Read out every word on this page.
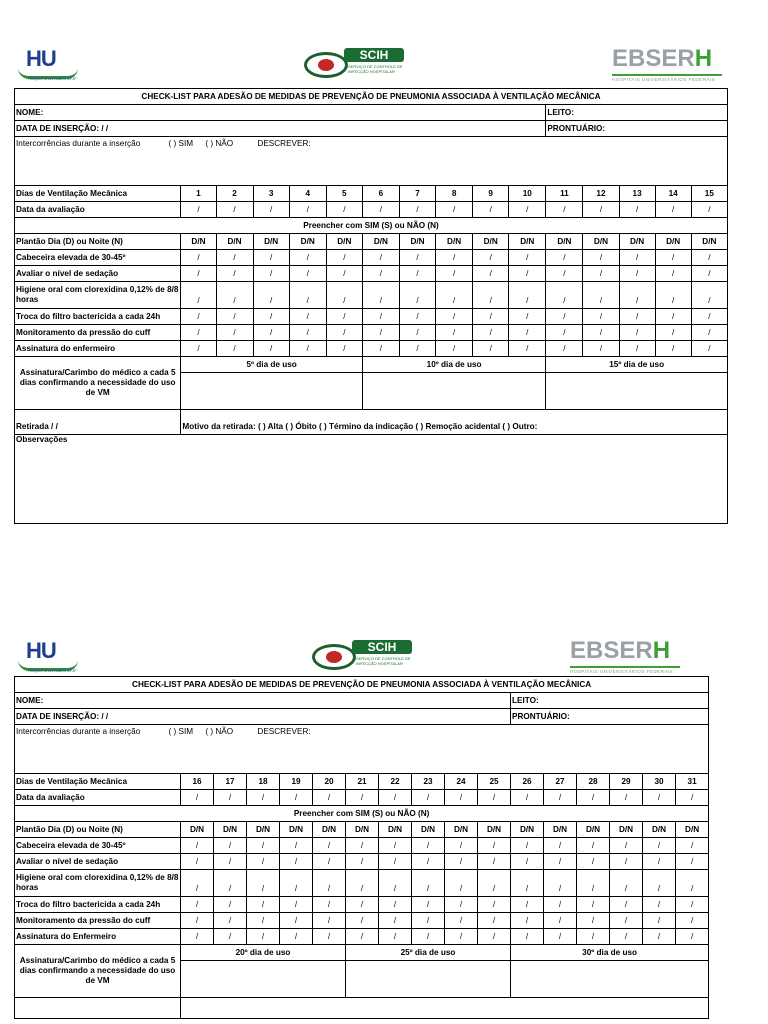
HU
Hospital Universitário UFJF
SCIH
SERVIÇO DE CONTROLE DE INFECÇÃO HOSPITALAR	EBSERH
HOSPITAIS UNIVERSITÁRIOS FEDERAIS
CHECK-LIST PARA ADESÃO DE MEDIDAS DE PREVENÇÃO DE PNEUMONIA ASSOCIADA À VENTILAÇÃO MECÂNICA															
NOME:											LEITO:				
DATA DE INSERÇÃO: / /											PRONTUÁRIO:				
Intercorrências durante a inserção ( ) SIM ( ) NÃO DESCREVER:															
Dias de Ventilação Mecânica	1	2	3	4	5	6	7	8	9	10	11	12	13	14	15
Data da avaliação	/	/	/	/	/	/	/	/	/	/	/	/	/	/	/
Preencher com SIM (S) ou NÃO (N)															
Plantão Dia (D) ou Noite (N)	D/N	D/N	D/N	D/N	D/N	D/N	D/N	D/N	D/N	D/N	D/N	D/N	D/N	D/N	D/N
Cabeceira elevada de 30-45º	/	/	/	/	/	/	/	/	/	/	/	/	/	/	/
Avaliar o nível de sedação	/	/	/	/	/	/	/	/	/	/	/	/	/	/	/
Higiene oral com clorexidina 0,12% de 8/8 horas	/	/	/	/	/	/	/	/	/	/	/	/	/	/	/
Troca do filtro bactericida a cada 24h	/	/	/	/	/	/	/	/	/	/	/	/	/	/	/
Monitoramento da pressão do cuff	/	/	/	/	/	/	/	/	/	/	/	/	/	/	/
Assinatura do enfermeiro	/	/	/	/	/	/	/	/	/	/	/	/	/	/	/
Assinatura/Carimbo do médico a cada 5 dias confirmando a necessidade do uso de VM	5º dia de uso					10º dia de uso					15º dia de uso				

Retirada / /	Motivo da retirada: ( ) Alta ( ) Óbito ( ) Término da indicação ( ) Remoção acidental ( ) Outro:														
Observações															
HU
Hospital Universitário UFJF
SCIH
SERVIÇO DE CONTROLE DE INFECÇÃO HOSPITALAR	EBSERH
HOSPITAIS UNIVERSITÁRIOS FEDERAIS
CHECK-LIST PARA ADESÃO DE MEDIDAS DE PREVENÇÃO DE PNEUMONIA ASSOCIADA À VENTILAÇÃO MECÂNICA																
NOME:											LEITO:					
DATA DE INSERÇÃO: / /											PRONTUÁRIO:					
Intercorrências durante a inserção ( ) SIM ( ) NÃO DESCREVER:																
Dias de Ventilação Mecânica	16	17	18	19	20	21	22	23	24	25	26	27	28	29	30	31
Data da avaliação	/	/	/	/	/	/	/	/	/	/	/	/	/	/	/	/
Preencher com SIM (S) ou NÃO (N)																
Plantão Dia (D) ou Noite (N)	D/N	D/N	D/N	D/N	D/N	D/N	D/N	D/N	D/N	D/N	D/N	D/N	D/N	D/N	D/N	D/N
Cabeceira elevada de 30-45º	/	/	/	/	/	/	/	/	/	/	/	/	/	/	/	/
Avaliar o nível de sedação	/	/	/	/	/	/	/	/	/	/	/	/	/	/	/	/
Higiene oral com clorexidina 0,12% de 8/8 horas	/	/	/	/	/	/	/	/	/	/	/	/	/	/	/	/
Troca do filtro bactericida a cada 24h	/	/	/	/	/	/	/	/	/	/	/	/	/	/	/	/
Monitoramento da pressão do cuff	/	/	/	/	/	/	/	/	/	/	/	/	/	/	/	/
Assinatura do Enfermeiro	/	/	/	/	/	/	/	/	/	/	/	/	/	/	/	/
Assinatura/Carimbo do médico a cada 5 dias confirmando a necessidade do uso de VM	20º dia de uso					25º dia de uso					30º dia de uso					
